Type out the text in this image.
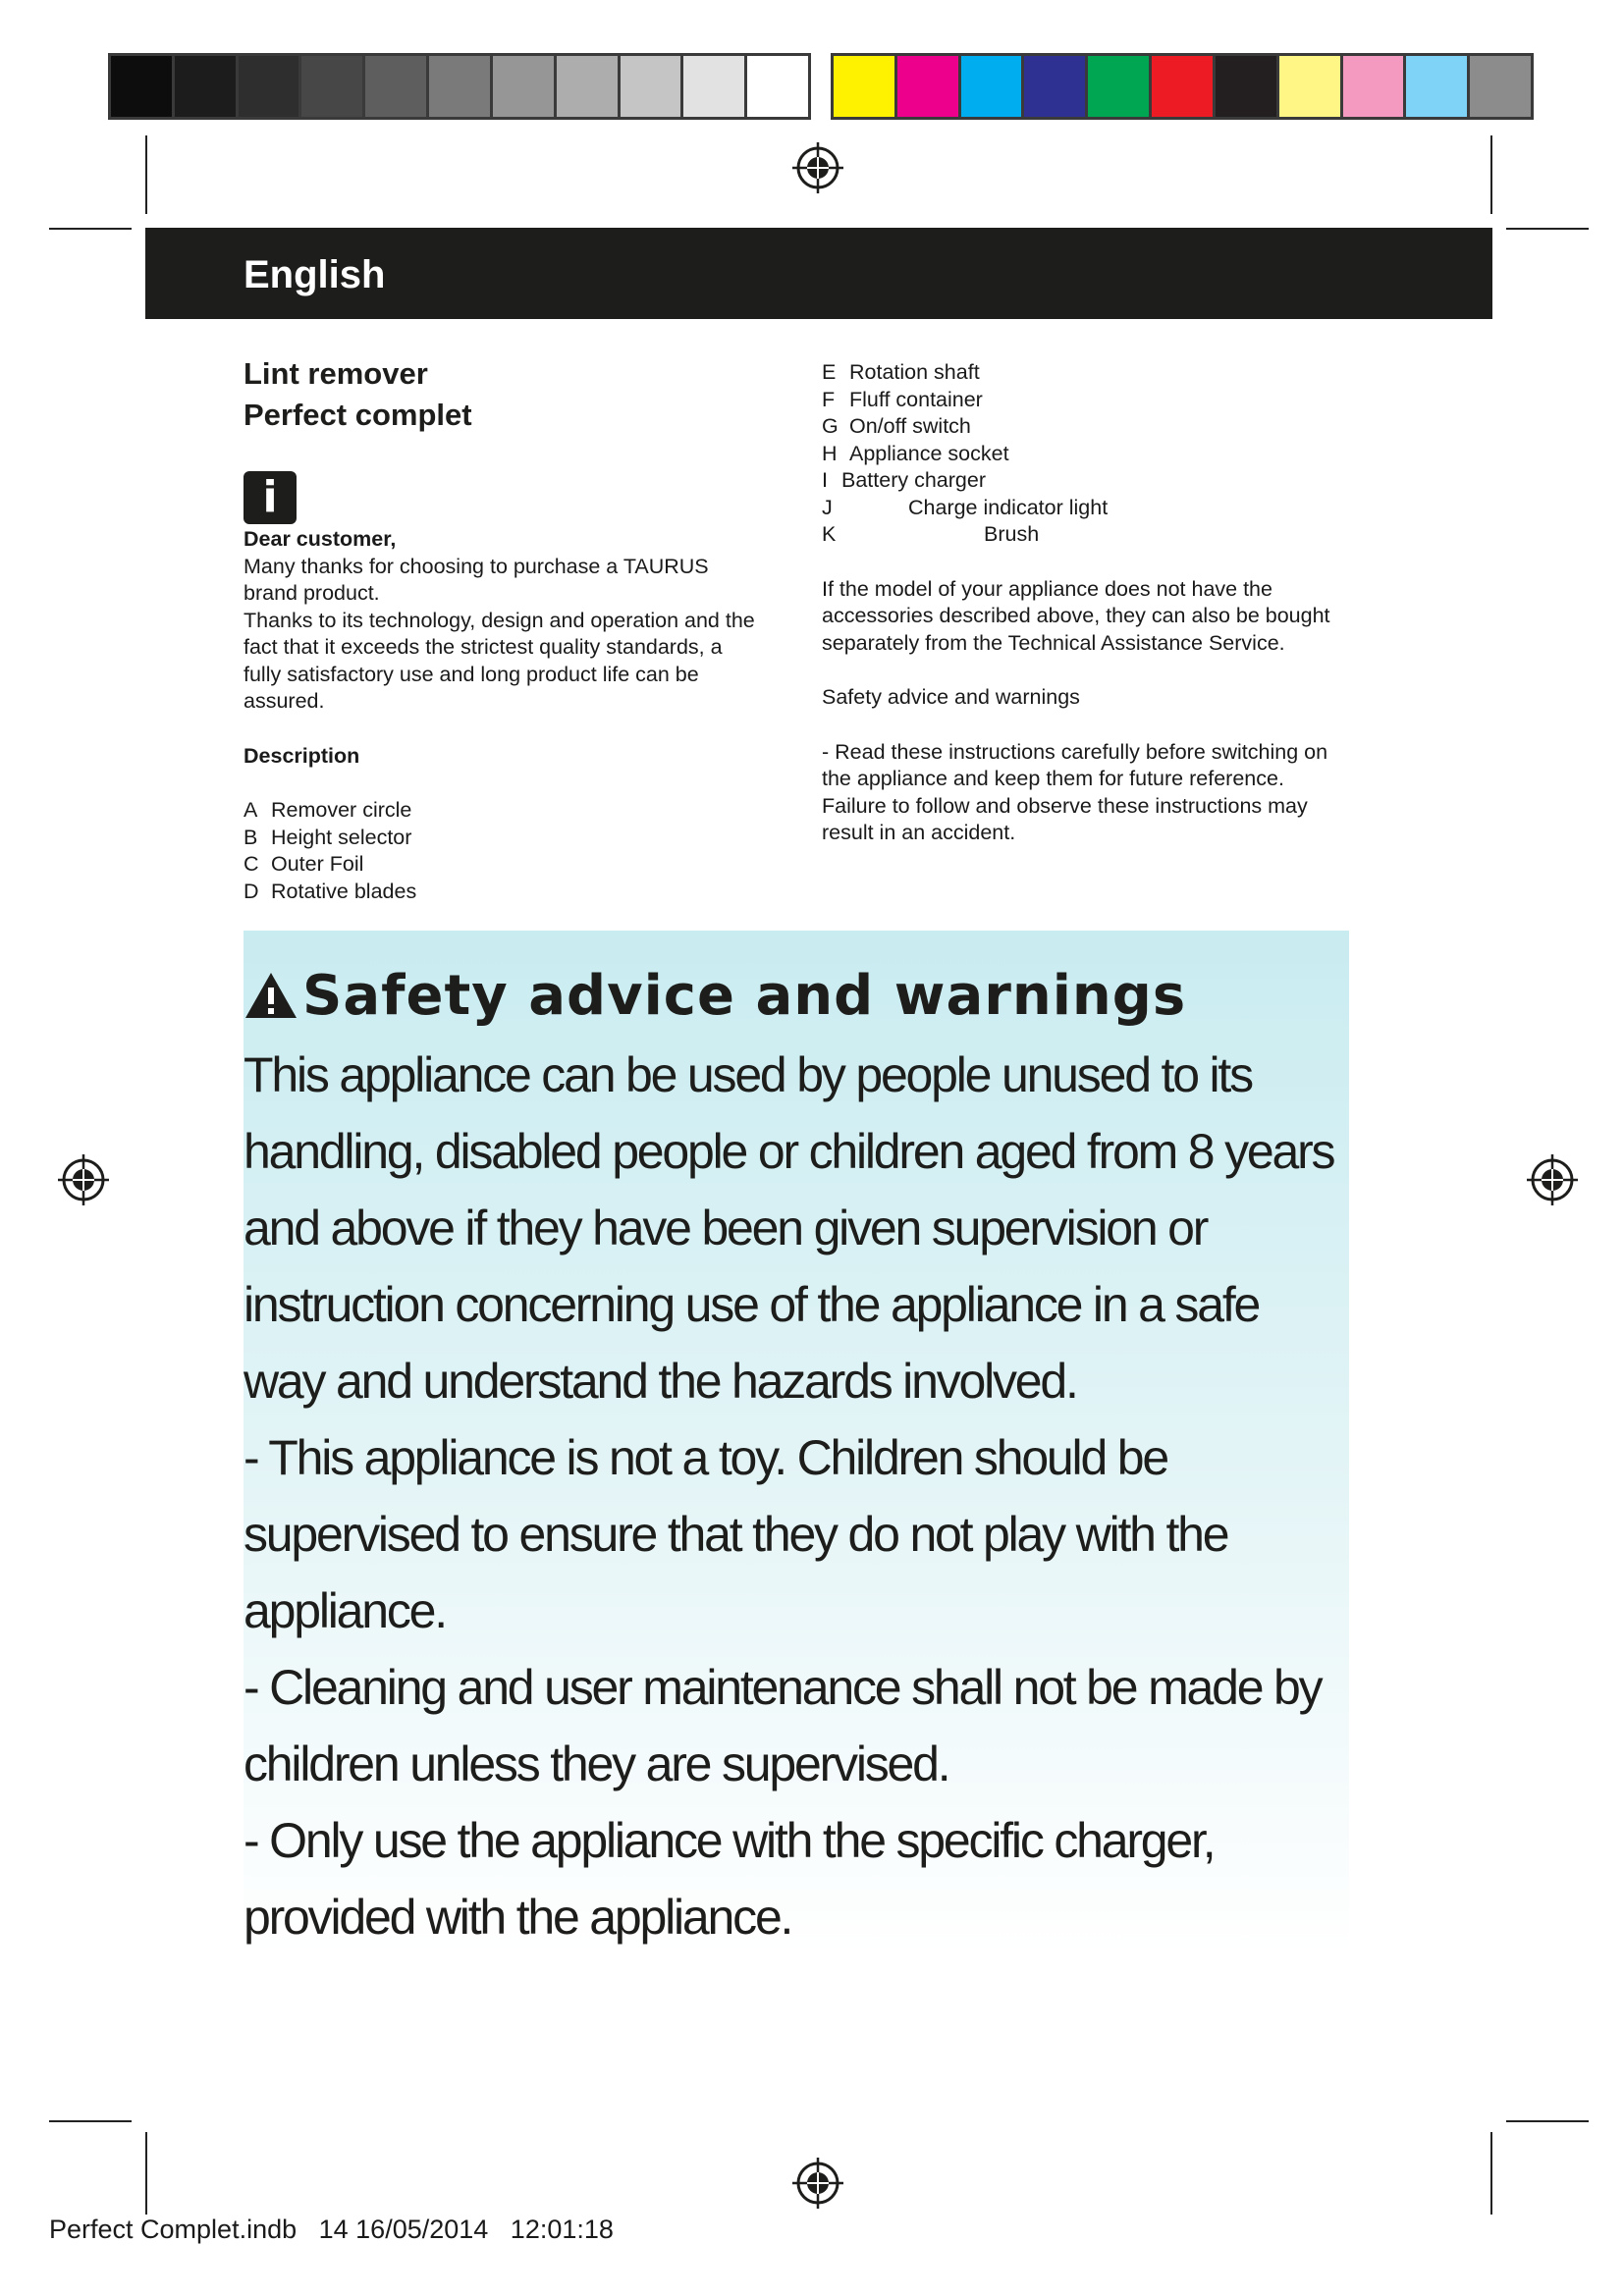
English
Lint remover
Perfect complet
i
Dear customer,

Many thanks for choosing to purchase a TAURUS brand product.

Thanks to its technology, design and operation and the fact that it exceeds the strictest quality standards, a fully satisfactory use and long product life can be assured.

Description
A Remover circle
B Height selector
C Outer Foil
D Rotative blades
E Rotation shaft
F Fluff container
G On/off switch
H Appliance socket
I Battery charger
J	Charge indicator light
K	Brush

If the model of your appliance does not have the accessories described above, they can also be bought separately from the Technical Assistance Service.

Safety advice and warnings

- Read these instructions carefully before switching on the appliance and keep them for future reference. Failure to follow and observe these instructions may result in an accident.

Safety advice and warnings

This appliance can be used by people unused to its handling, disabled people or children aged from 8 years and above if they have been given supervision or instruction concerning use of the appliance in a safe way and understand the hazards involved.

- This appliance is not a toy. Children should be supervised to ensure that they do not play with the appliance.

- Cleaning and user maintenance shall not be made by children unless they are supervised.

- Only use the appliance with the specific charger, provided with the appliance.

Perfect Complet.indb   14 16/05/2014   12:01:18
